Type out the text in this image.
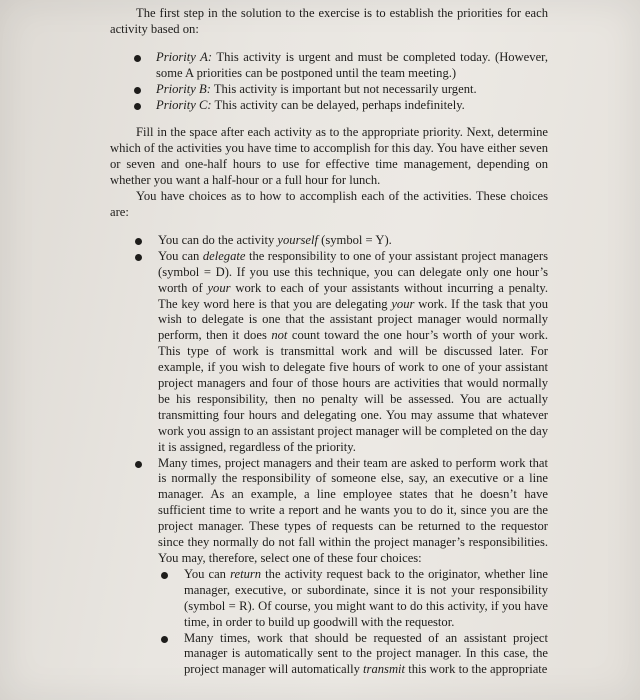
The first step in the solution to the exercise is to establish the priorities for each activity based on:

Priority A: This activity is urgent and must be completed today. (However, some A priorities can be postponed until the team meeting.)
Priority B: This activity is important but not necessarily urgent.
Priority C: This activity can be delayed, perhaps indefinitely.

Fill in the space after each activity as to the appropriate priority. Next, determine which of the activities you have time to accomplish for this day. You have either seven or seven and one-half hours to use for effective time management, depending on whether you want a half-hour or a full hour for lunch.

You have choices as to how to accomplish each of the activities. These choices are:

You can do the activity yourself (symbol = Y).
You can delegate the responsibility to one of your assistant project managers (symbol = D). If you use this technique, you can delegate only one hour’s worth of your work to each of your assistants without incurring a penalty. The key word here is that you are delegating your work. If the task that you wish to delegate is one that the assistant project manager would normally perform, then it does not count toward the one hour’s worth of your work. This type of work is transmittal work and will be discussed later. For example, if you wish to delegate five hours of work to one of your assistant project managers and four of those hours are activities that would normally be his responsibility, then no penalty will be assessed. You are actually transmitting four hours and delegating one. You may assume that whatever work you assign to an assistant project manager will be completed on the day it is assigned, regardless of the priority.
Many times, project managers and their team are asked to perform work that is normally the responsibility of someone else, say, an executive or a line manager. As an example, a line employee states that he doesn’t have sufficient time to write a report and he wants you to do it, since you are the project manager. These types of requests can be returned to the requestor since they normally do not fall within the project manager’s responsibilities. You may, therefore, select one of these four choices:
You can return the activity request back to the originator, whether line manager, executive, or subordinate, since it is not your responsibility (symbol = R). Of course, you might want to do this activity, if you have time, in order to build up goodwill with the requestor.
Many times, work that should be requested of an assistant project manager is automatically sent to the project manager. In this case, the project manager will automatically transmit this work to the appropriate
